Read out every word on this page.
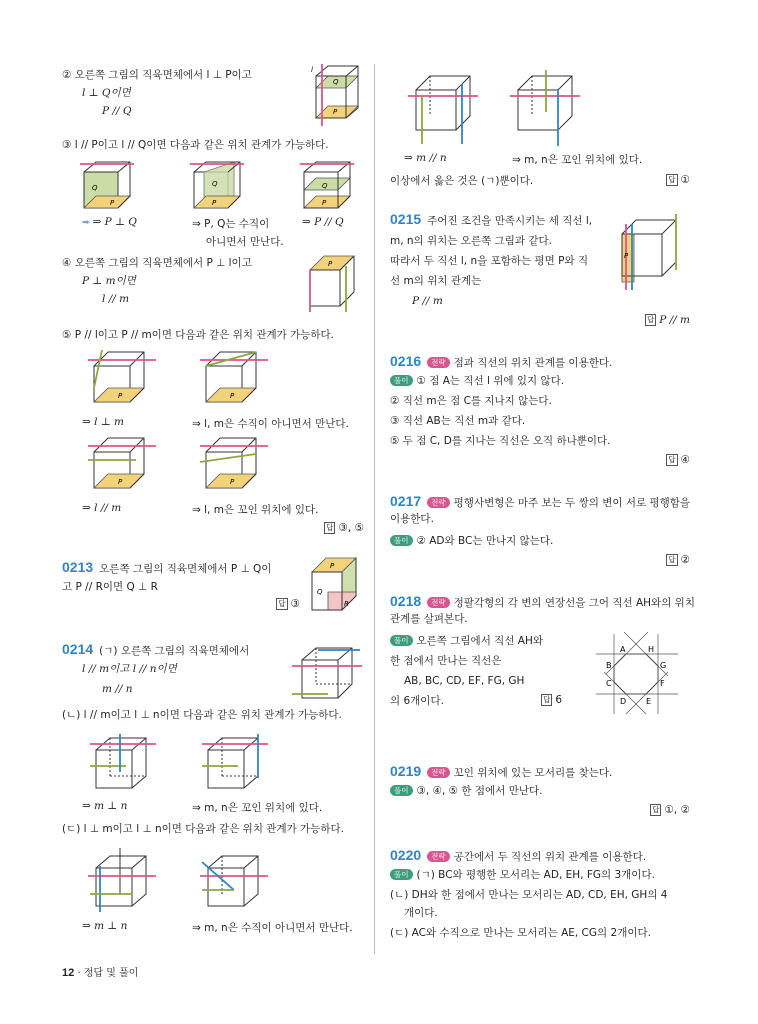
② 오른쪽 그림의 직육면체에서 l ⊥ P이고
l ⊥ Q이면
P // Q
l
Q
P
③ l // P이고 l // Q이면 다음과 같은 위치 관계가 가능하다.
Q
P
Q
P
Q
P
➡ ⇒ P ⊥ Q	⇒ P, Q는 수직이
아니면서 만난다.
⇒ P // Q
④ 오른쪽 그림의 직육면체에서 P ⊥ l이고
P ⊥ m이면
l // m
P
⑤ P // l이고 P // m이면 다음과 같은 위치 관계가 가능하다.
P	P
⇒ l ⊥ m	⇒ l, m은 수직이 아니면서 만난다.
P	P
⇒ l // m	⇒ l, m은 꼬인 위치에 있다.
답 ③, ⑤
0213 오른쪽 그림의 직육면체에서 P ⊥ Q이
고 P // R이면 Q ⊥ R
답 ③
P
Q
R
0214 (ㄱ) 오른쪽 그림의 직육면체에서
l // m이고 l // n이면
m // n
(ㄴ) l // m이고 l ⊥ n이면 다음과 같은 위치 관계가 가능하다.
⇒ m ⊥ n	⇒ m, n은 꼬인 위치에 있다.
(ㄷ) l ⊥ m이고 l ⊥ n이면 다음과 같은 위치 관계가 가능하다.
⇒ m ⊥ n	⇒ m, n은 수직이 아니면서 만난다.
⇒ m // n	⇒ m, n은 꼬인 위치에 있다.
이상에서 옳은 것은 (ㄱ)뿐이다.	답 ①
0215 주어진 조건을 만족시키는 세 직선 l,
m, n의 위치는 오른쪽 그림과 같다.
따라서 두 직선 l, n을 포함하는 평면 P와 직
선 m의 위치 관계는
P // m
P
답 P // m
0216 전략 점과 직선의 위치 관계를 이용한다.
풀이 ① 점 A는 직선 l 위에 있지 않다.
② 직선 m은 점 C를 지나지 않는다.
③ 직선 AB는 직선 m과 같다.
⑤ 두 점 C, D를 지나는 직선은 오직 하나뿐이다.
답 ④
0217 전략 평행사변형은 마주 보는 두 쌍의 변이 서로 평행함을
이용한다.
풀이 ② AD와 BC는 만나지 않는다.
답 ②
0218 전략 정팔각형의 각 변의 연장선을 그어 직선 AH와의 위치
관계를 살펴본다.
풀이 오른쪽 그림에서 직선 AH와
한 점에서 만나는 직선은
AB, BC, CD, EF, FG, GH
의 6개이다.	답 6
A	H
B	G
C	F
D E
0219 전략 꼬인 위치에 있는 모서리를 찾는다.
풀이 ③, ④, ⑤ 한 점에서 만난다.
답 ①, ②
0220 전략 공간에서 두 직선의 위치 관계를 이용한다.
풀이 (ㄱ) BC와 평행한 모서리는 AD, EH, FG의 3개이다.
(ㄴ) DH와 한 점에서 만나는 모서리는 AD, CD, EH, GH의 4
개이다.
(ㄷ) AC와 수직으로 만나는 모서리는 AE, CG의 2개이다.
12 · 정답 및 풀이
